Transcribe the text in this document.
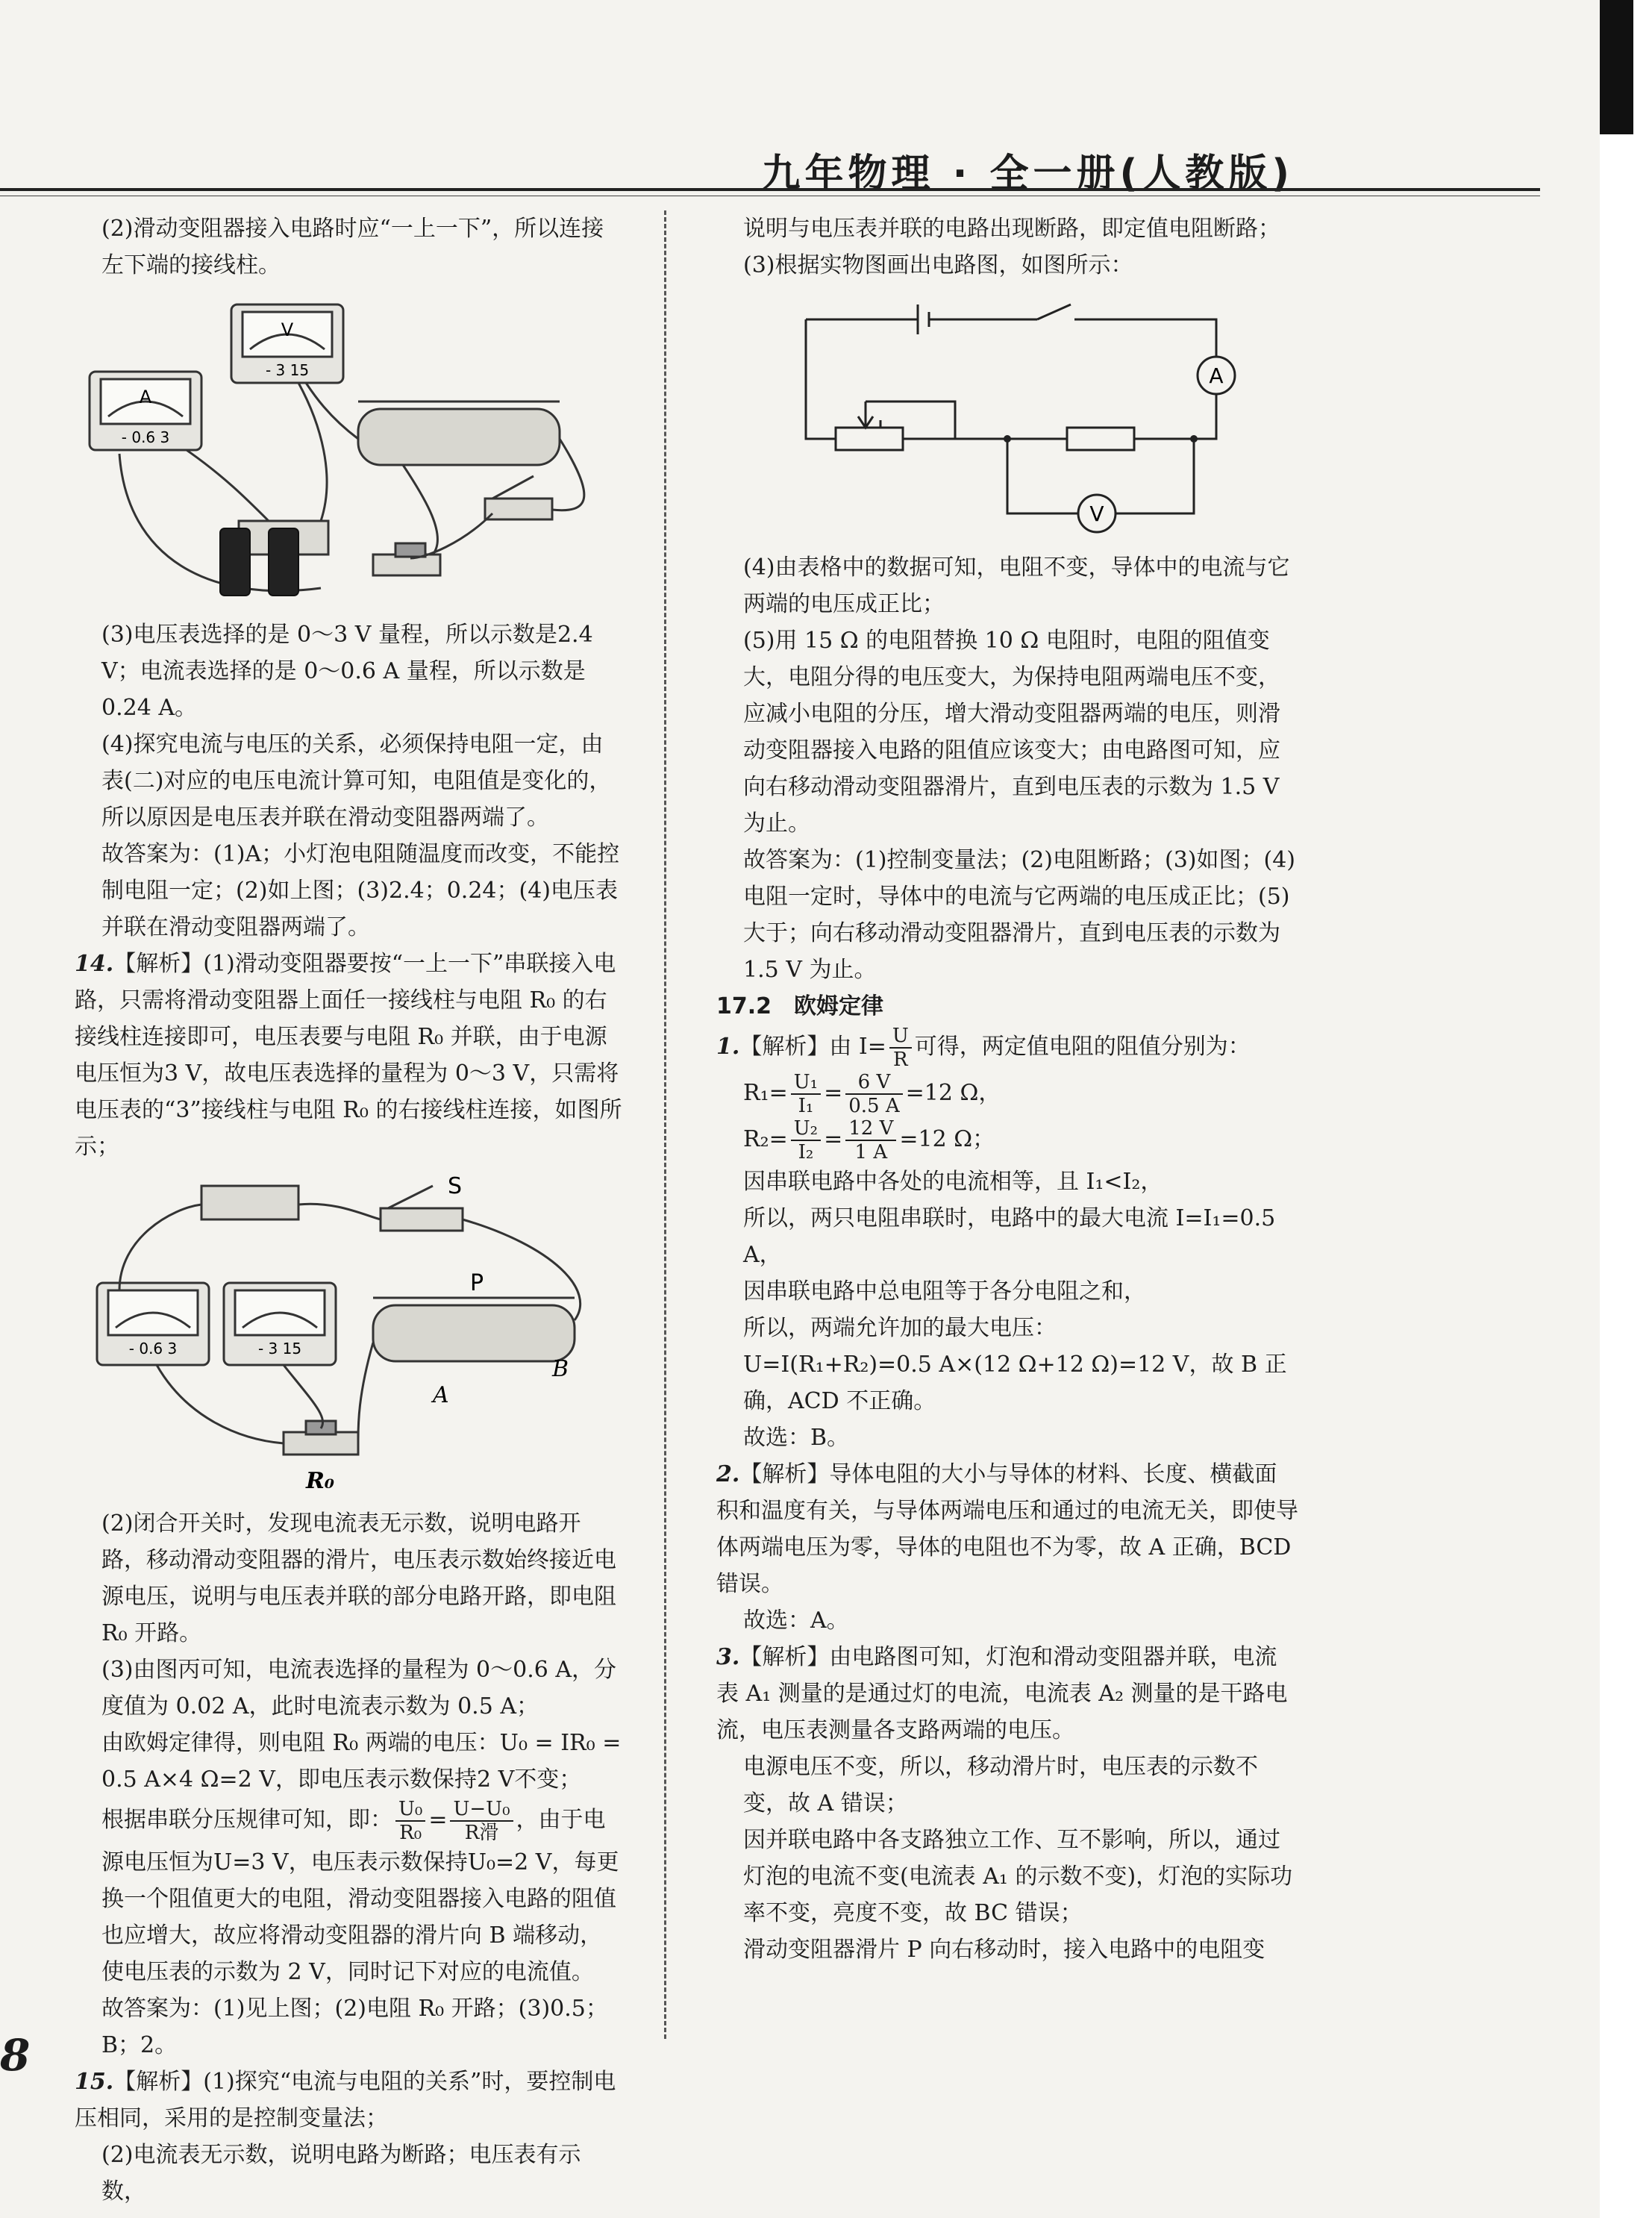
九年物理 · 全一册(人教版)

(2)滑动变阻器接入电路时应“一上一下”，所以连接左下端的接线柱。

A
- 0.6 3
V
- 3 15

(3)电压表选择的是 0～3 V 量程，所以示数是2.4 V；电流表选择的是 0～0.6 A 量程，所以示数是0.24 A。

(4)探究电流与电压的关系，必须保持电阻一定，由表(二)对应的电压电流计算可知，电阻值是变化的，所以原因是电压表并联在滑动变阻器两端了。

故答案为：(1)A；小灯泡电阻随温度而改变，不能控制电阻一定；(2)如上图；(3)2.4；0.24；(4)电压表并联在滑动变阻器两端了。

14.【解析】(1)滑动变阻器要按“一上一下”串联接入电路，只需将滑动变阻器上面任一接线柱与电阻 R₀ 的右接线柱连接即可，电压表要与电阻 R₀ 并联，由于电源电压恒为3 V，故电压表选择的量程为 0～3 V，只需将电压表的“3”接线柱与电阻 R₀ 的右接线柱连接，如图所示；

S
P
A
B
R₀
- 0.6 3	- 3 15

(2)闭合开关时，发现电流表无示数，说明电路开路，移动滑动变阻器的滑片，电压表示数始终接近电源电压，说明与电压表并联的部分电路开路，即电阻 R₀ 开路。

(3)由图丙可知，电流表选择的量程为 0～0.6 A，分度值为 0.02 A，此时电流表示数为 0.5 A；

由欧姆定律得，则电阻 R₀ 两端的电压：U₀ = IR₀ = 0.5 A×4 Ω=2 V，即电压表示数保持2 V不变；

根据串联分压规律可知，即： $\frac{\text{U₀}}{\text{R₀}} = \frac{\text{U−U₀}}{\text{R滑}}$ ，由于电源电压恒为U=3 V，电压表示数保持U₀=2 V，每更换一个阻值更大的电阻，滑动变阻器接入电路的阻值也应增大，故应将滑动变阻器的滑片向 B 端移动，使电压表的示数为 2 V，同时记下对应的电流值。

故答案为：(1)见上图；(2)电阻 R₀ 开路；(3)0.5；B；2。

15.【解析】(1)探究“电流与电阻的关系”时，要控制电压相同，采用的是控制变量法；

(2)电流表无示数，说明电路为断路；电压表有示数，

说明与电压表并联的电路出现断路，即定值电阻断路；

(3)根据实物图画出电路图，如图所示：

A
V

(4)由表格中的数据可知，电阻不变，导体中的电流与它两端的电压成正比；

(5)用 15 Ω 的电阻替换 10 Ω 电阻时，电阻的阻值变大，电阻分得的电压变大，为保持电阻两端电压不变，应减小电阻的分压，增大滑动变阻器两端的电压，则滑动变阻器接入电路的阻值应该变大；由电路图可知，应向右移动滑动变阻器滑片，直到电压表的示数为 1.5 V 为止。

故答案为：(1)控制变量法；(2)电阻断路；(3)如图；(4)电阻一定时，导体中的电流与它两端的电压成正比；(5)大于；向右移动滑动变阻器滑片，直到电压表的示数为 1.5 V 为止。

17.2　欧姆定律

1.【解析】由 $I= \frac{U}{R}$ 可得，两定值电阻的阻值分别为：

$R_1= \frac{\text{U₁}}{\text{I₁}} = \frac{6 V}{0.5 A} =12$ Ω，

$R_2= \frac{\text{U₂}}{\text{I₂}} = \frac{12 V}{1 A} =12$ Ω；

因串联电路中各处的电流相等，且 I₁<I₂，

所以，两只电阻串联时，电路中的最大电流 I=I₁=0.5 A，

因串联电路中总电阻等于各分电阻之和，

所以，两端允许加的最大电压：

U=I(R₁+R₂)=0.5 A×(12 Ω+12 Ω)=12 V，故 B 正确，ACD 不正确。

故选：B。

2.【解析】导体电阻的大小与导体的材料、长度、横截面积和温度有关，与导体两端电压和通过的电流无关，即使导体两端电压为零，导体的电阻也不为零，故 A 正确，BCD 错误。

故选：A。

3.【解析】由电路图可知，灯泡和滑动变阻器并联，电流表 A₁ 测量的是通过灯的电流，电流表 A₂ 测量的是干路电流，电压表测量各支路两端的电压。

电源电压不变，所以，移动滑片时，电压表的示数不变，故 A 错误；

因并联电路中各支路独立工作、互不影响，所以，通过灯泡的电流不变(电流表 A₁ 的示数不变)，灯泡的实际功率不变，亮度不变，故 BC 错误；

滑动变阻器滑片 P 向右移动时，接入电路中的电阻变

8
